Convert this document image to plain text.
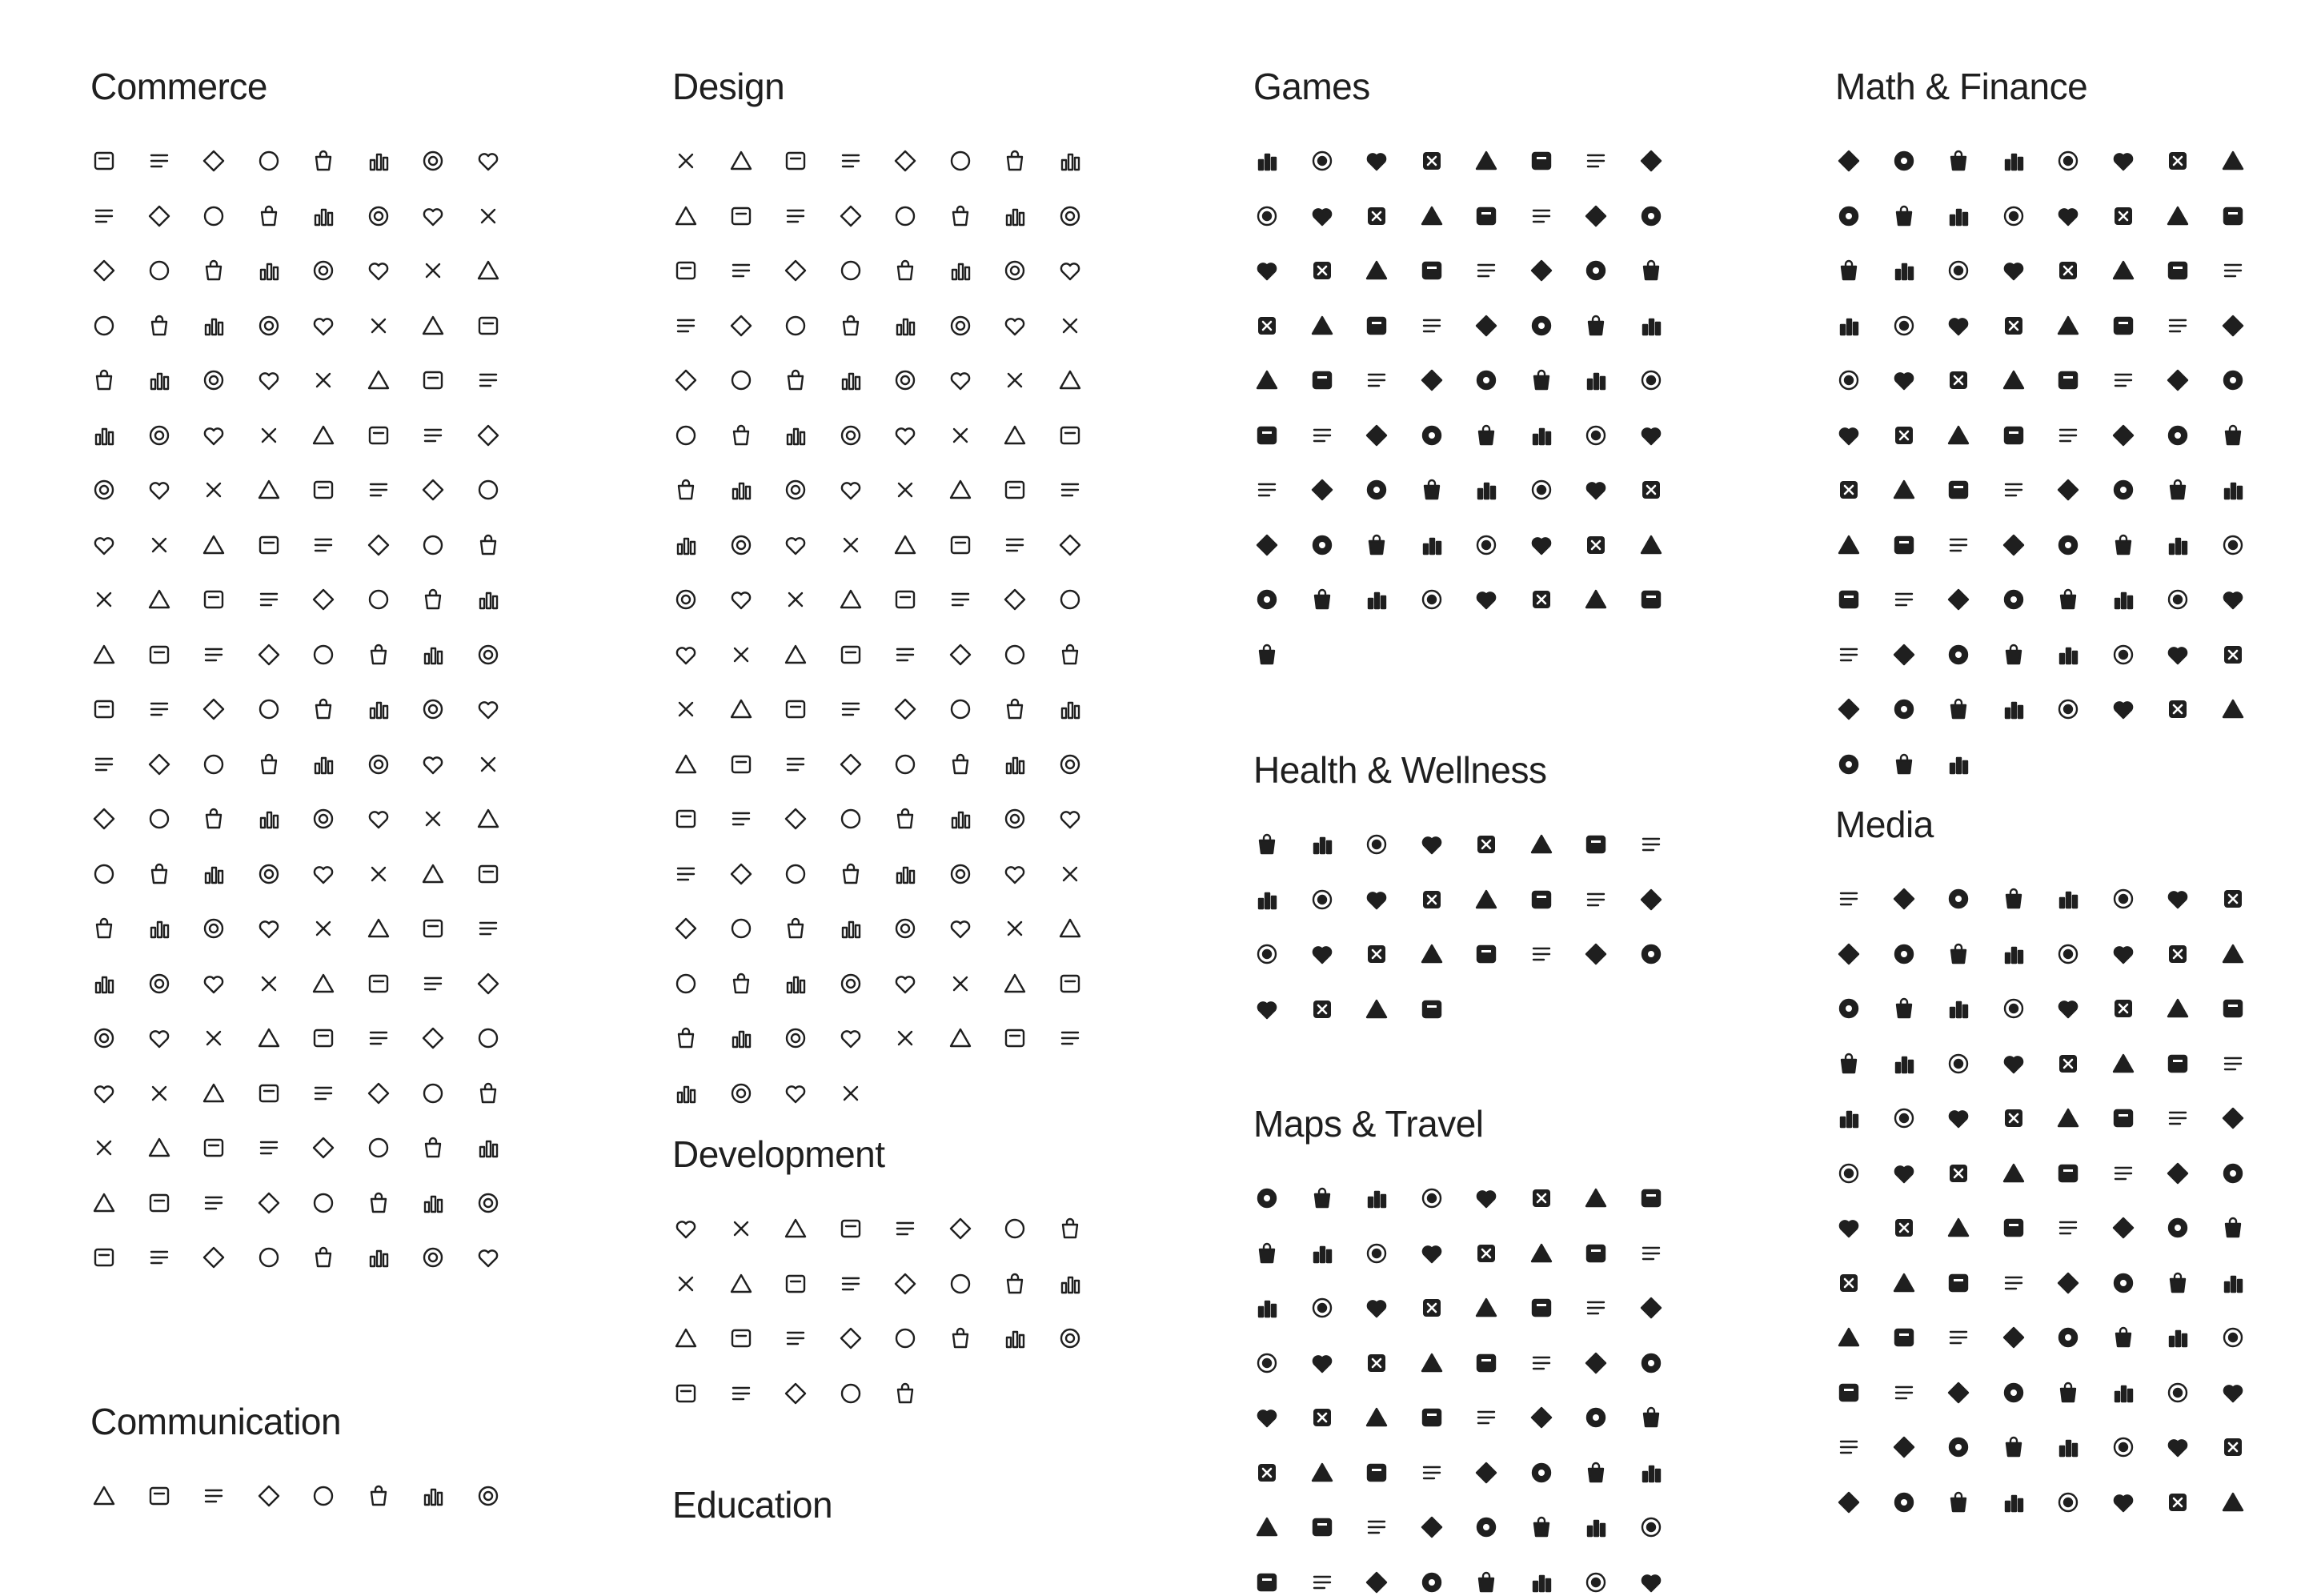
Commerce
Communication
Design
Development
Education
Games
Health & Wellness
Maps & Travel
Math & Finance
Media
